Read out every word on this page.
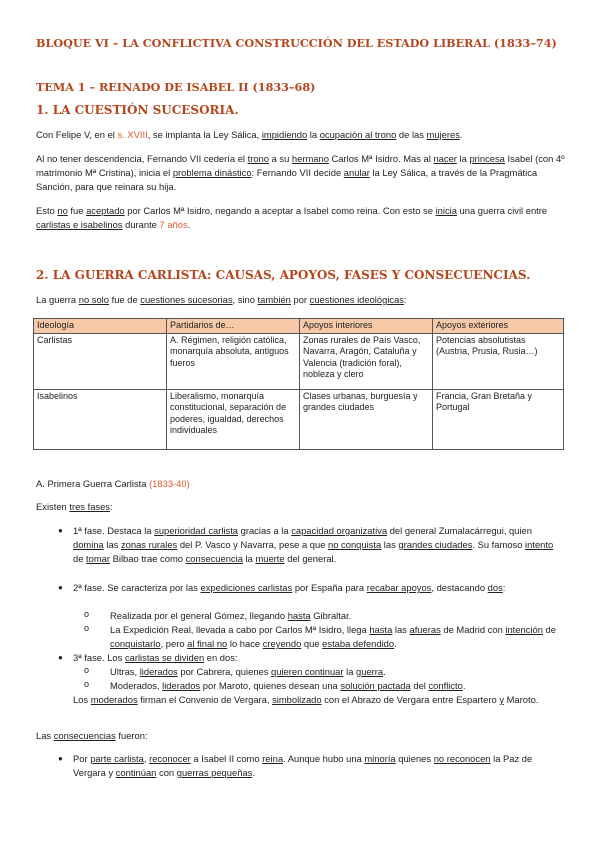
BLOQUE VI – LA CONFLICTIVA CONSTRUCCIÓN DEL ESTADO LIBERAL (1833–74)
TEMA 1 – REINADO DE ISABEL II (1833–68)
1. LA CUESTIÓN SUCESORIA.
Con Felipe V, en el s. XVIII, se implanta la Ley Sálica, impidiendo la ocupación al trono de las mujeres.
Al no tener descendencia, Fernando VII cedería el trono a su hermano Carlos Mª Isidro. Mas al nacer la princesa Isabel (con 4º matrimonio Mª Cristina), inicia el problema dinástico: Fernando VII decide anular la Ley Sálica, a través de la Pragmática Sanción, para que reinara su hija.
Esto no fue aceptado por Carlos Mª Isidro, negando a aceptar a Isabel como reina. Con esto se inicia una guerra civil entre carlistas e isabelinos durante 7 años.
2. LA GUERRA CARLISTA: CAUSAS, APOYOS, FASES Y CONSECUENCIAS.
La guerra no solo fue de cuestiones sucesorias, sino también por cuestiones ideológicas:
Ideología	Partidarios de…	Apoyos interiores	Apoyos exteriores
Carlistas	A. Régimen, religión católica, monarquía absoluta, antiguos fueros	Zonas rurales de País Vasco, Navarra, Aragón, Cataluña y Valencia (tradición foral), nobleza y clero	Potencias absolutistas (Austria, Prusia, Rusia…)
Isabelinos	Liberalismo, monarquía constitucional, separación de poderes, igualdad, derechos individuales	Clases urbanas, burguesía y grandes ciudades	Francia, Gran Bretaña y Portugal
A. Primera Guerra Carlista (1833-40)
Existen tres fases:
● 1ª fase. Destaca la superioridad carlista gracias a la capacidad organizativa del general Zumalacárregui, quien domina las zonas rurales del P. Vasco y Navarra, pese a que no conquista las grandes ciudades. Su famoso intento de tomar Bilbao trae como consecuencia la muerte del general.
● 2ª fase. Se caracteriza por las expediciones carlistas por España para recabar apoyos, destacando dos:
o Realizada por el general Gómez, llegando hasta Gibraltar.
o La Expedición Real, llevada a cabo por Carlos Mª Isidro, llega hasta las afueras de Madrid con intención de conquistarlo, pero al final no lo hace creyendo que estaba defendido.
● 3ª fase. Los carlistas se dividen en dos:
o Ultras, liderados por Cabrera, quienes quieren continuar la guerra.
o Moderados, liderados por Maroto, quienes desean una solución pactada del conflicto.
Los moderados firman el Convenio de Vergara, simbolizado con el Abrazo de Vergara entre Espartero y Maroto.
Las consecuencias fueron:
● Por parte carlista, reconocer a Isabel II como reina. Aunque hubo una minoría quienes no reconocen la Paz de Vergara y continúan con guerras pequeñas.
